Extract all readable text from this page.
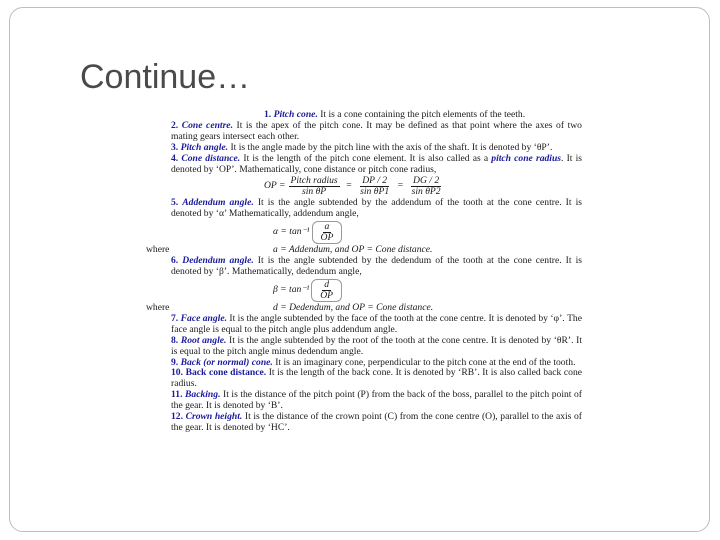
Continue…

1. Pitch cone. It is a cone containing the pitch elements of the teeth.

2. Cone centre. It is the apex of the pitch cone. It may be defined as that point where the axes of two mating gears intersect each other.

3. Pitch angle. It is the angle made by the pitch line with the axis of the shaft. It is denoted by ‘θP’.

4. Cone distance. It is the length of the pitch cone element. It is also called as a pitch cone radius. It is denoted by ‘OP’. Mathematically, cone distance or pitch cone radius,

OP = Pitch radius
sin θP
= $\frac{DP / 2}{\text{sin θP1}} = \frac{DG / 2}{\text{sin θP2}}$

5. Addendum angle. It is the angle subtended by the addendum of the tooth at the cone centre. It is denoted by ‘α’ Mathematically, addendum angle,

$\alpha = \tan^{-1} \frac{a}{OP}$
where	a = Addendum, and OP = Cone distance.

6. Dedendum angle. It is the angle subtended by the dedendum of the tooth at the cone centre. It is denoted by ‘β’. Mathematically, dedendum angle,

$\beta = \tan^{-1} \frac{d}{OP}$
where	d = Dedendum, and OP = Cone distance.

7. Face angle. It is the angle subtended by the face of the tooth at the cone centre. It is denoted by ‘φ’. The face angle is equal to the pitch angle plus addendum angle.

8. Root angle. It is the angle subtended by the root of the tooth at the cone centre. It is denoted by ‘θR’. It is equal to the pitch angle minus dedendum angle.

9. Back (or normal) cone. It is an imaginary cone, perpendicular to the pitch cone at the end of the tooth.

10. Back cone distance. It is the length of the back cone. It is denoted by ‘RB’. It is also called back cone radius.

11. Backing. It is the distance of the pitch point (P) from the back of the boss, parallel to the pitch point of the gear. It is denoted by ‘B’.

12. Crown height. It is the distance of the crown point (C) from the cone centre (O), parallel to the axis of the gear. It is denoted by ‘HC’.
